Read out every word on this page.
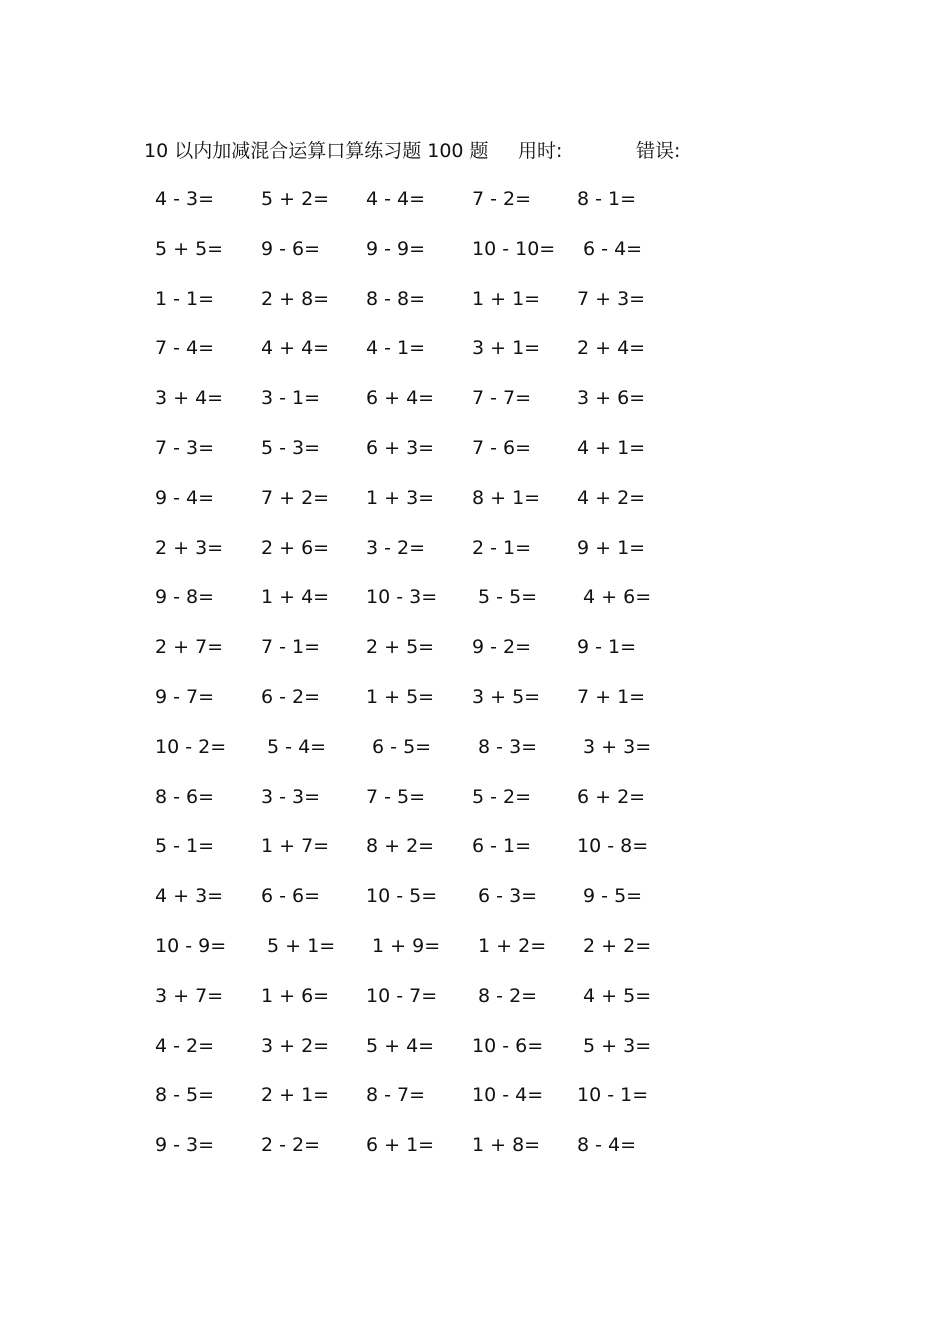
10 以内加减混合运算口算练习题 100 题 用时:	错误:
4 - 3= 5 + 2= 4 - 4= 7 - 2= 8 - 1=
5 + 5= 9 - 6= 9 - 9= 10 - 10= 6 - 4=
1 - 1= 2 + 8= 8 - 8= 1 + 1= 7 + 3=
7 - 4= 4 + 4= 4 - 1= 3 + 1= 2 + 4=
3 + 4= 3 - 1= 6 + 4= 7 - 7= 3 + 6=
7 - 3= 5 - 3= 6 + 3= 7 - 6= 4 + 1=
9 - 4= 7 + 2= 1 + 3= 8 + 1= 4 + 2=
2 + 3= 2 + 6= 3 - 2= 2 - 1= 9 + 1=
9 - 8= 1 + 4= 10 - 3= 5 - 5= 4 + 6=
2 + 7= 7 - 1= 2 + 5= 9 - 2= 9 - 1=
9 - 7= 6 - 2= 1 + 5= 3 + 5= 7 + 1=
10 - 2= 5 - 4= 6 - 5= 8 - 3= 3 + 3=
8 - 6= 3 - 3= 7 - 5= 5 - 2= 6 + 2=
5 - 1= 1 + 7= 8 + 2= 6 - 1= 10 - 8=
4 + 3= 6 - 6= 10 - 5= 6 - 3= 9 - 5=
10 - 9= 5 + 1= 1 + 9= 1 + 2= 2 + 2=
3 + 7= 1 + 6= 10 - 7= 8 - 2= 4 + 5=
4 - 2= 3 + 2= 5 + 4= 10 - 6= 5 + 3=
8 - 5= 2 + 1= 8 - 7= 10 - 4= 10 - 1=
9 - 3= 2 - 2= 6 + 1= 1 + 8= 8 - 4=
